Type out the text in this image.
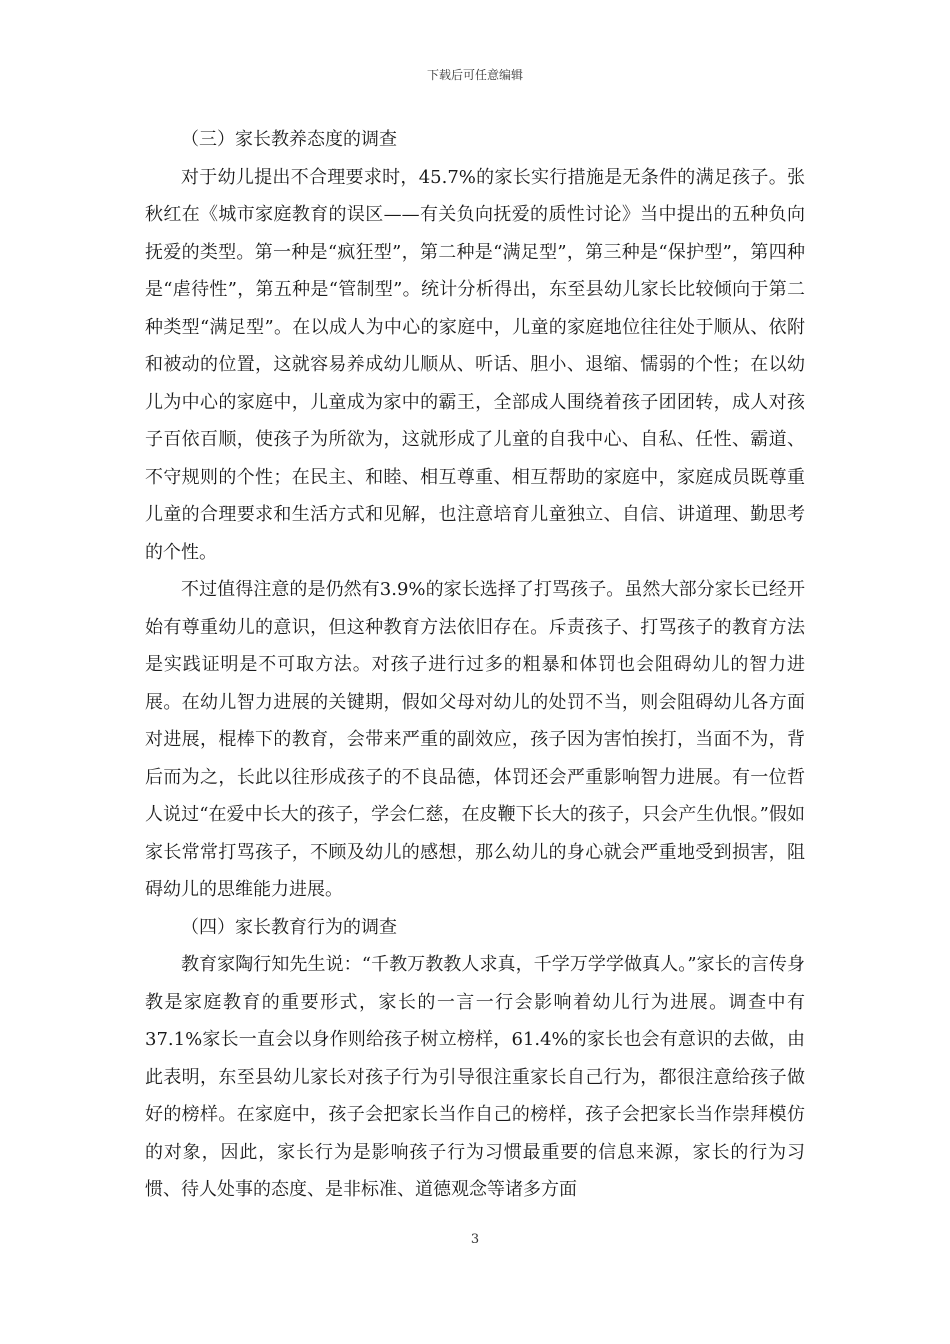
下载后可任意编辑

（三）家长教养态度的调查

对于幼儿提出不合理要求时，45.7%的家长实行措施是无条件的满足孩子。张秋红在《城市家庭教育的误区——有关负向抚爱的质性讨论》当中提出的五种负向抚爱的类型。第一种是“疯狂型”，第二种是“满足型”，第三种是“保护型”，第四种是“虐待性”，第五种是“管制型”。统计分析得出，东至县幼儿家长比较倾向于第二种类型“满足型”。在以成人为中心的家庭中，儿童的家庭地位往往处于顺从、依附和被动的位置，这就容易养成幼儿顺从、听话、胆小、退缩、懦弱的个性；在以幼儿为中心的家庭中，儿童成为家中的霸王，全部成人围绕着孩子团团转，成人对孩子百依百顺，使孩子为所欲为，这就形成了儿童的自我中心、自私、任性、霸道、不守规则的个性；在民主、和睦、相互尊重、相互帮助的家庭中，家庭成员既尊重儿童的合理要求和生活方式和见解，也注意培育儿童独立、自信、讲道理、勤思考的个性。

不过值得注意的是仍然有3.9%的家长选择了打骂孩子。虽然大部分家长已经开始有尊重幼儿的意识，但这种教育方法依旧存在。斥责孩子、打骂孩子的教育方法是实践证明是不可取方法。对孩子进行过多的粗暴和体罚也会阻碍幼儿的智力进展。在幼儿智力进展的关键期，假如父母对幼儿的处罚不当，则会阻碍幼儿各方面对进展，棍棒下的教育，会带来严重的副效应，孩子因为害怕挨打，当面不为，背后而为之，长此以往形成孩子的不良品德，体罚还会严重影响智力进展。有一位哲人说过“在爱中长大的孩子，学会仁慈，在皮鞭下长大的孩子，只会产生仇恨。”假如家长常常打骂孩子，不顾及幼儿的感想，那么幼儿的身心就会严重地受到损害，阻碍幼儿的思维能力进展。

（四）家长教育行为的调查

教育家陶行知先生说：“千教万教教人求真，千学万学学做真人。”家长的言传身教是家庭教育的重要形式，家长的一言一行会影响着幼儿行为进展。调查中有37.1%家长一直会以身作则给孩子树立榜样，61.4%的家长也会有意识的去做，由此表明，东至县幼儿家长对孩子行为引导很注重家长自己行为，都很注意给孩子做好的榜样。在家庭中，孩子会把家长当作自己的榜样，孩子会把家长当作崇拜模仿的对象，因此，家长行为是影响孩子行为习惯最重要的信息来源，家长的行为习惯、待人处事的态度、是非标准、道德观念等诸多方面

3
